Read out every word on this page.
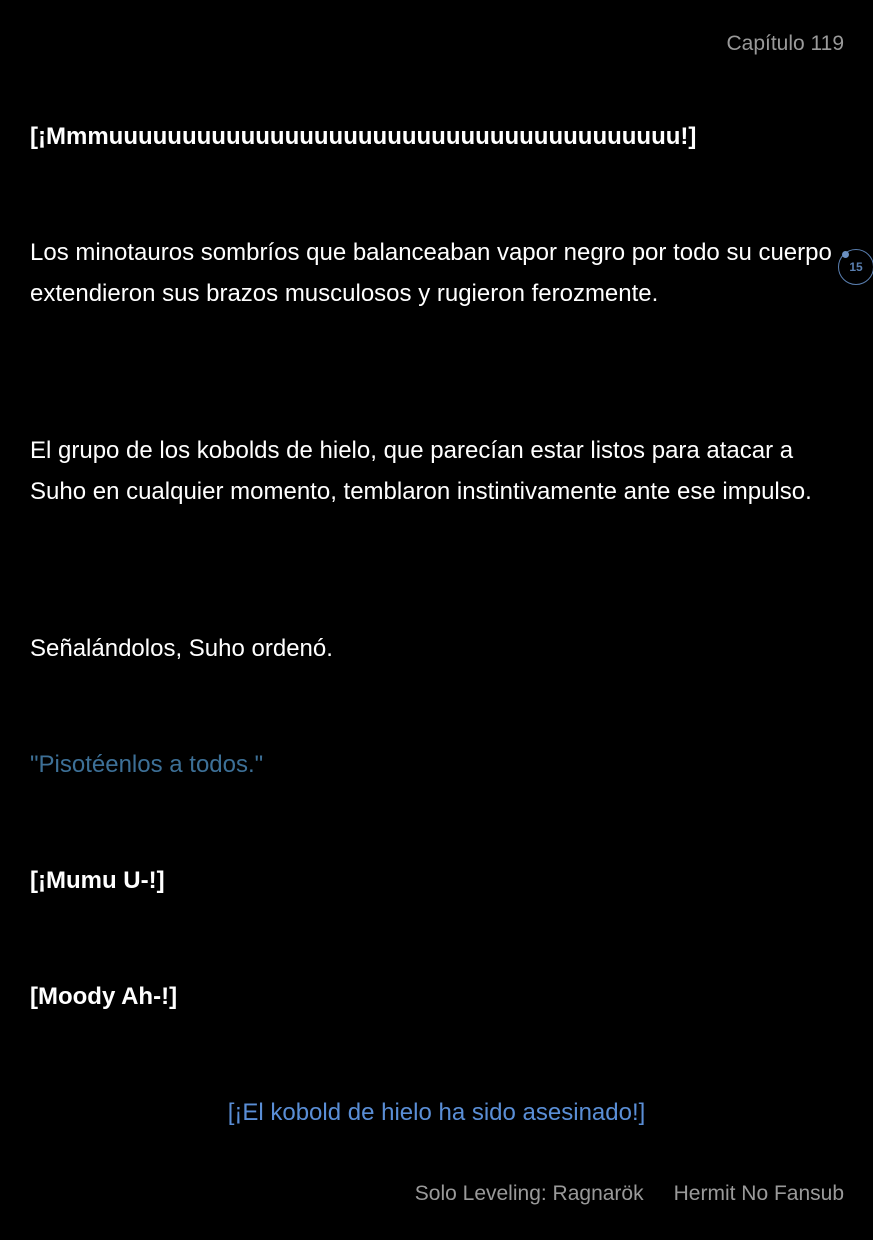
Capítulo 119
[¡Mmmuuuuuuuuuuuuuuuuuuuuuuuuuuuuuuuuuuuuuuu!]
Los minotauros sombríos que balanceaban vapor negro por todo su cuerpo extendieron sus brazos musculosos y rugieron ferozmente.
El grupo de los kobolds de hielo, que parecían estar listos para atacar a Suho en cualquier momento, temblaron instintivamente ante ese impulso.
Señalándolos, Suho ordenó.
"Pisotéenlos a todos."
[¡Mumu U-!]
[Moody Ah-!]
[¡El kobold de hielo ha sido asesinado!]
15
Solo Leveling: Ragnarök Hermit No Fansub
